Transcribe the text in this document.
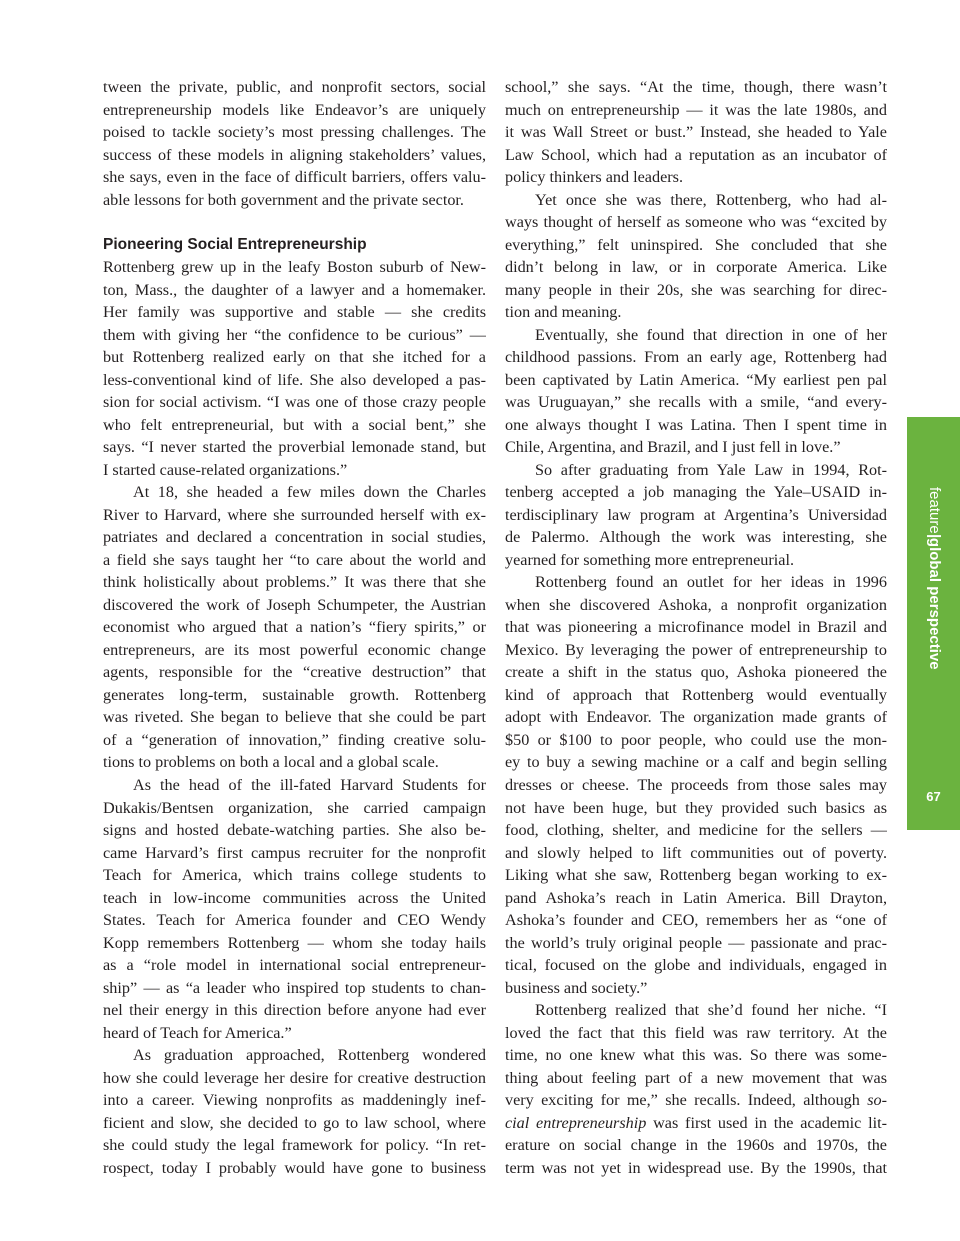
tween the private, public, and nonprofit sectors, social
entrepreneurship models like Endeavor’s are uniquely
poised to tackle society’s most pressing challenges. The
success of these models in aligning stakeholders’ values,
she says, even in the face of difficult barriers, offers valu-
able lessons for both government and the private sector.
Pioneering Social Entrepreneurship
Rottenberg grew up in the leafy Boston suburb of New-
ton, Mass., the daughter of a lawyer and a homemaker.
Her family was supportive and stable — she credits
them with giving her “the confidence to be curious” —
but Rottenberg realized early on that she itched for a
less-conventional kind of life. She also developed a pas-
sion for social activism. “I was one of those crazy people
who felt entrepreneurial, but with a social bent,” she
says. “I never started the proverbial lemonade stand, but
I started cause-related organizations.”
At 18, she headed a few miles down the Charles
River to Harvard, where she surrounded herself with ex-
patriates and declared a concentration in social studies,
a field she says taught her “to care about the world and
think holistically about problems.” It was there that she
discovered the work of Joseph Schumpeter, the Austrian
economist who argued that a nation’s “fiery spirits,” or
entrepreneurs, are its most powerful economic change
agents, responsible for the “creative destruction” that
generates long-term, sustainable growth. Rottenberg
was riveted. She began to believe that she could be part
of a “generation of innovation,” finding creative solu-
tions to problems on both a local and a global scale.
As the head of the ill-fated Harvard Students for
Dukakis/Bentsen organization, she carried campaign
signs and hosted debate-watching parties. She also be-
came Harvard’s first campus recruiter for the nonprofit
Teach for America, which trains college students to
teach in low-income communities across the United
States. Teach for America founder and CEO Wendy
Kopp remembers Rottenberg — whom she today hails
as a “role model in international social entrepreneur-
ship” — as “a leader who inspired top students to chan-
nel their energy in this direction before anyone had ever
heard of Teach for America.”
As graduation approached, Rottenberg wondered
how she could leverage her desire for creative destruction
into a career. Viewing nonprofits as maddeningly inef-
ficient and slow, she decided to go to law school, where
she could study the legal framework for policy. “In ret-
rospect, today I probably would have gone to business
school,” she says. “At the time, though, there wasn’t
much on entrepreneurship — it was the late 1980s, and
it was Wall Street or bust.” Instead, she headed to Yale
Law School, which had a reputation as an incubator of
policy thinkers and leaders.
Yet once she was there, Rottenberg, who had al-
ways thought of herself as someone who was “excited by
everything,” felt uninspired. She concluded that she
didn’t belong in law, or in corporate America. Like
many people in their 20s, she was searching for direc-
tion and meaning.
Eventually, she found that direction in one of her
childhood passions. From an early age, Rottenberg had
been captivated by Latin America. “My earliest pen pal
was Uruguayan,” she recalls with a smile, “and every-
one always thought I was Latina. Then I spent time in
Chile, Argentina, and Brazil, and I just fell in love.”
So after graduating from Yale Law in 1994, Rot-
tenberg accepted a job managing the Yale–USAID in-
terdisciplinary law program at Argentina’s Universidad
de Palermo. Although the work was interesting, she
yearned for something more entrepreneurial.
Rottenberg found an outlet for her ideas in 1996
when she discovered Ashoka, a nonprofit organization
that was pioneering a microfinance model in Brazil and
Mexico. By leveraging the power of entrepreneurship to
create a shift in the status quo, Ashoka pioneered the
kind of approach that Rottenberg would eventually
adopt with Endeavor. The organization made grants of
$50 or $100 to poor people, who could use the mon-
ey to buy a sewing machine or a calf and begin selling
dresses or cheese. The proceeds from those sales may
not have been huge, but they provided such basics as
food, clothing, shelter, and medicine for the sellers —
and slowly helped to lift communities out of poverty.
Liking what she saw, Rottenberg began working to ex-
pand Ashoka’s reach in Latin America. Bill Drayton,
Ashoka’s founder and CEO, remembers her as “one of
the world’s truly original people — passionate and prac-
tical, focused on the globe and individuals, engaged in
business and society.”
Rottenberg realized that she’d found her niche. “I
loved the fact that this field was raw territory. At the
time, no one knew what this was. So there was some-
thing about feeling part of a new movement that was
very exciting for me,” she recalls. Indeed, although so-
cial entrepreneurship was first used in the academic lit-
erature on social change in the 1960s and 1970s, the
term was not yet in widespread use. By the 1990s, that
feature|global perspective
67
